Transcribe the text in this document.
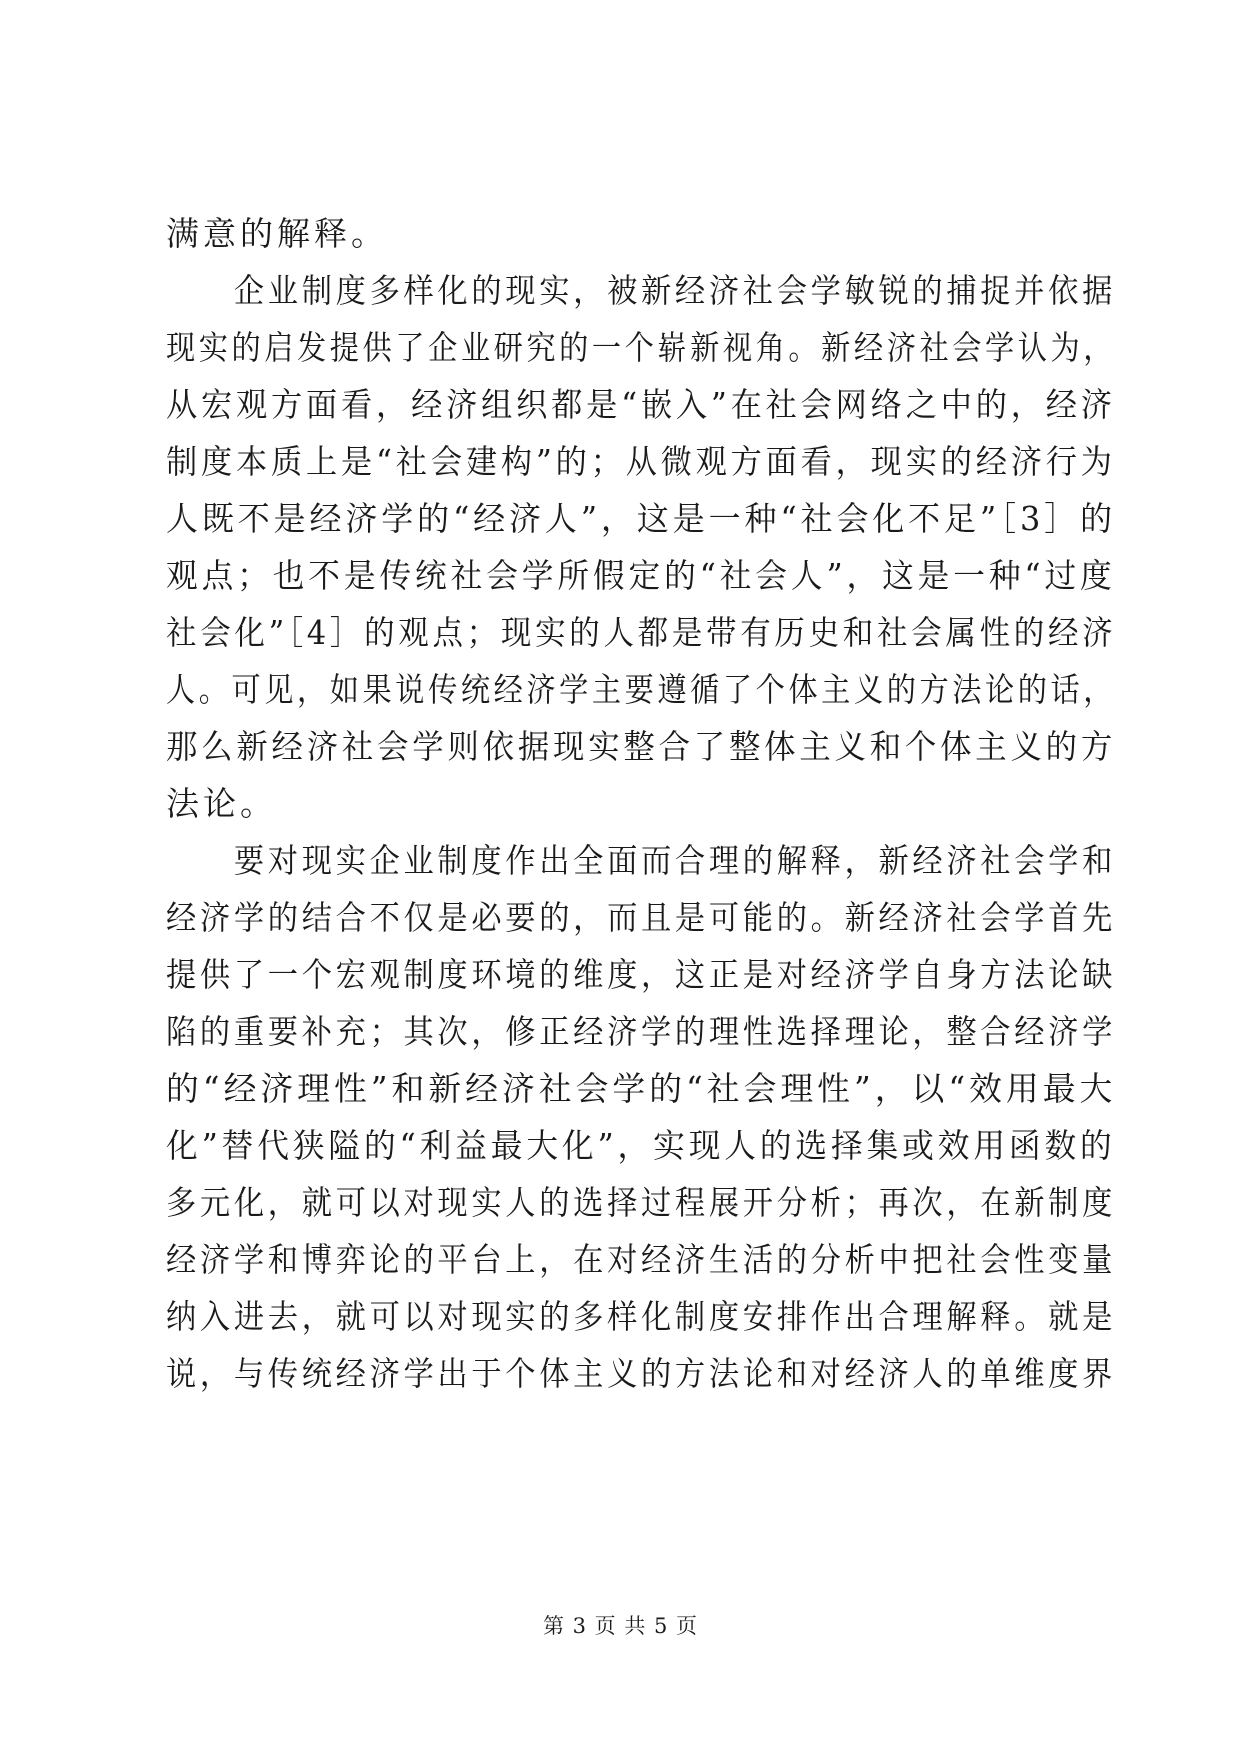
满意的解释。
　　企业制度多样化的现实，被新经济社会学敏锐的捕捉并依据
现实的启发提供了企业研究的一个崭新视角。新经济社会学认为，
从宏观方面看，经济组织都是“嵌入”在社会网络之中的，经济
制度本质上是“社会建构”的；从微观方面看，现实的经济行为
人既不是经济学的“经济人”，这是一种“社会化不足”［3］的
观点；也不是传统社会学所假定的“社会人”，这是一种“过度
社会化”［4］的观点；现实的人都是带有历史和社会属性的经济
人。可见，如果说传统经济学主要遵循了个体主义的方法论的话，
那么新经济社会学则依据现实整合了整体主义和个体主义的方
法论。
　　要对现实企业制度作出全面而合理的解释，新经济社会学和
经济学的结合不仅是必要的，而且是可能的。新经济社会学首先
提供了一个宏观制度环境的维度，这正是对经济学自身方法论缺
陷的重要补充；其次，修正经济学的理性选择理论，整合经济学
的“经济理性”和新经济社会学的“社会理性”，以“效用最大
化”替代狭隘的“利益最大化”，实现人的选择集或效用函数的
多元化，就可以对现实人的选择过程展开分析；再次，在新制度
经济学和博弈论的平台上，在对经济生活的分析中把社会性变量
纳入进去，就可以对现实的多样化制度安排作出合理解释。就是
说，与传统经济学出于个体主义的方法论和对经济人的单维度界
第 3 页 共 5 页
